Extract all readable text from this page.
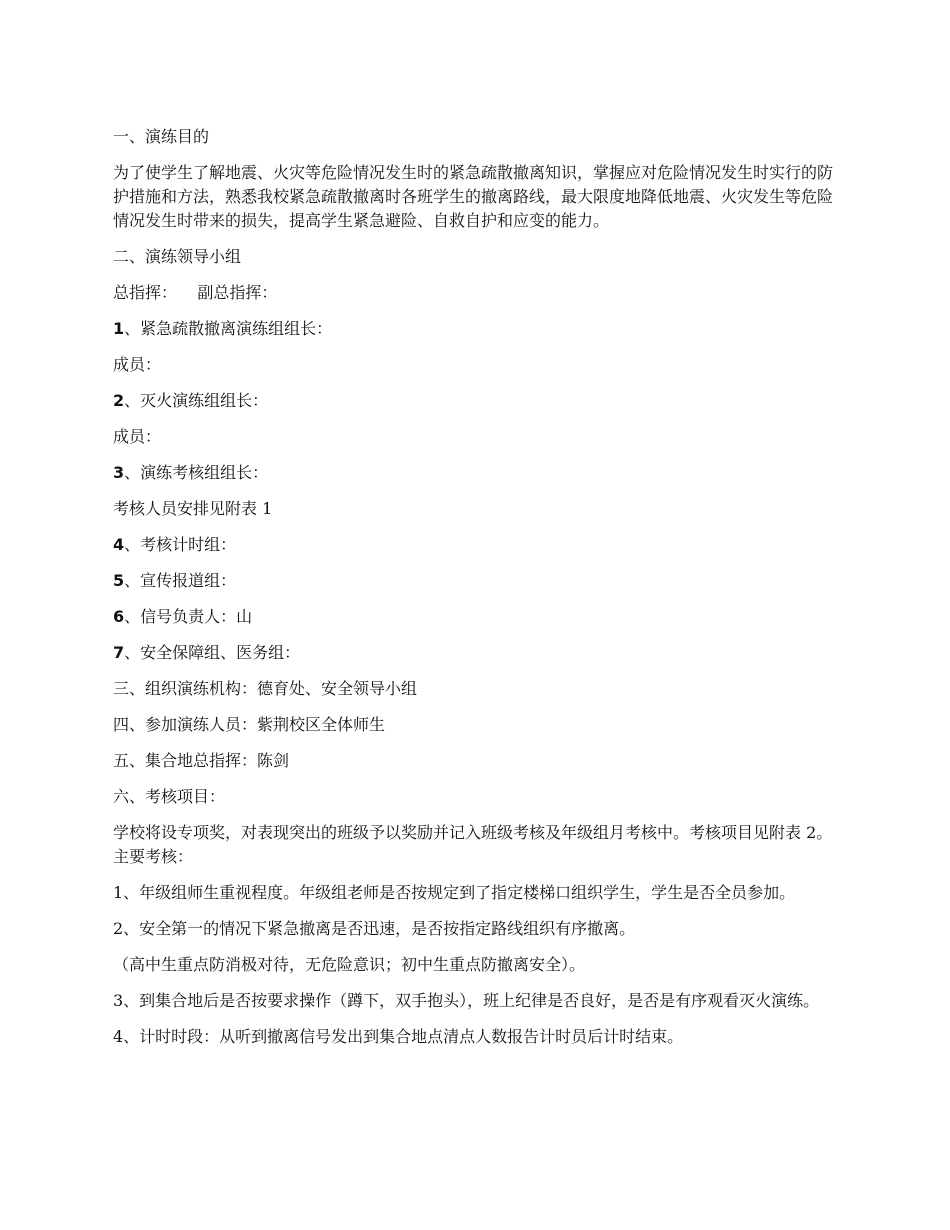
一、演练目的

为了使学生了解地震、火灾等危险情况发生时的紧急疏散撤离知识，掌握应对危险情况发生时实行的防护措施和方法，熟悉我校紧急疏散撤离时各班学生的撤离路线，最大限度地降低地震、火灾发生等危险情况发生时带来的损失，提高学生紧急避险、自救自护和应变的能力。

二、演练领导小组

总指挥：    副总指挥：

1、紧急疏散撤离演练组组长：

成员：

2、灭火演练组组长：

成员：

3、演练考核组组长：

考核人员安排见附表 1

4、考核计时组：

5、宣传报道组：

6、信号负责人：山

7、安全保障组、医务组：

三、组织演练机构：德育处、安全领导小组

四、参加演练人员：紫荆校区全体师生

五、集合地总指挥：陈剑

六、考核项目：

学校将设专项奖，对表现突出的班级予以奖励并记入班级考核及年级组月考核中。考核项目见附表 2。主要考核：

1、年级组师生重视程度。年级组老师是否按规定到了指定楼梯口组织学生，学生是否全员参加。

2、安全第一的情况下紧急撤离是否迅速，是否按指定路线组织有序撤离。

（高中生重点防消极对待，无危险意识；初中生重点防撤离安全）。

3、到集合地后是否按要求操作（蹲下，双手抱头），班上纪律是否良好，是否是有序观看灭火演练。

4、计时时段：从听到撤离信号发出到集合地点清点人数报告计时员后计时结束。
